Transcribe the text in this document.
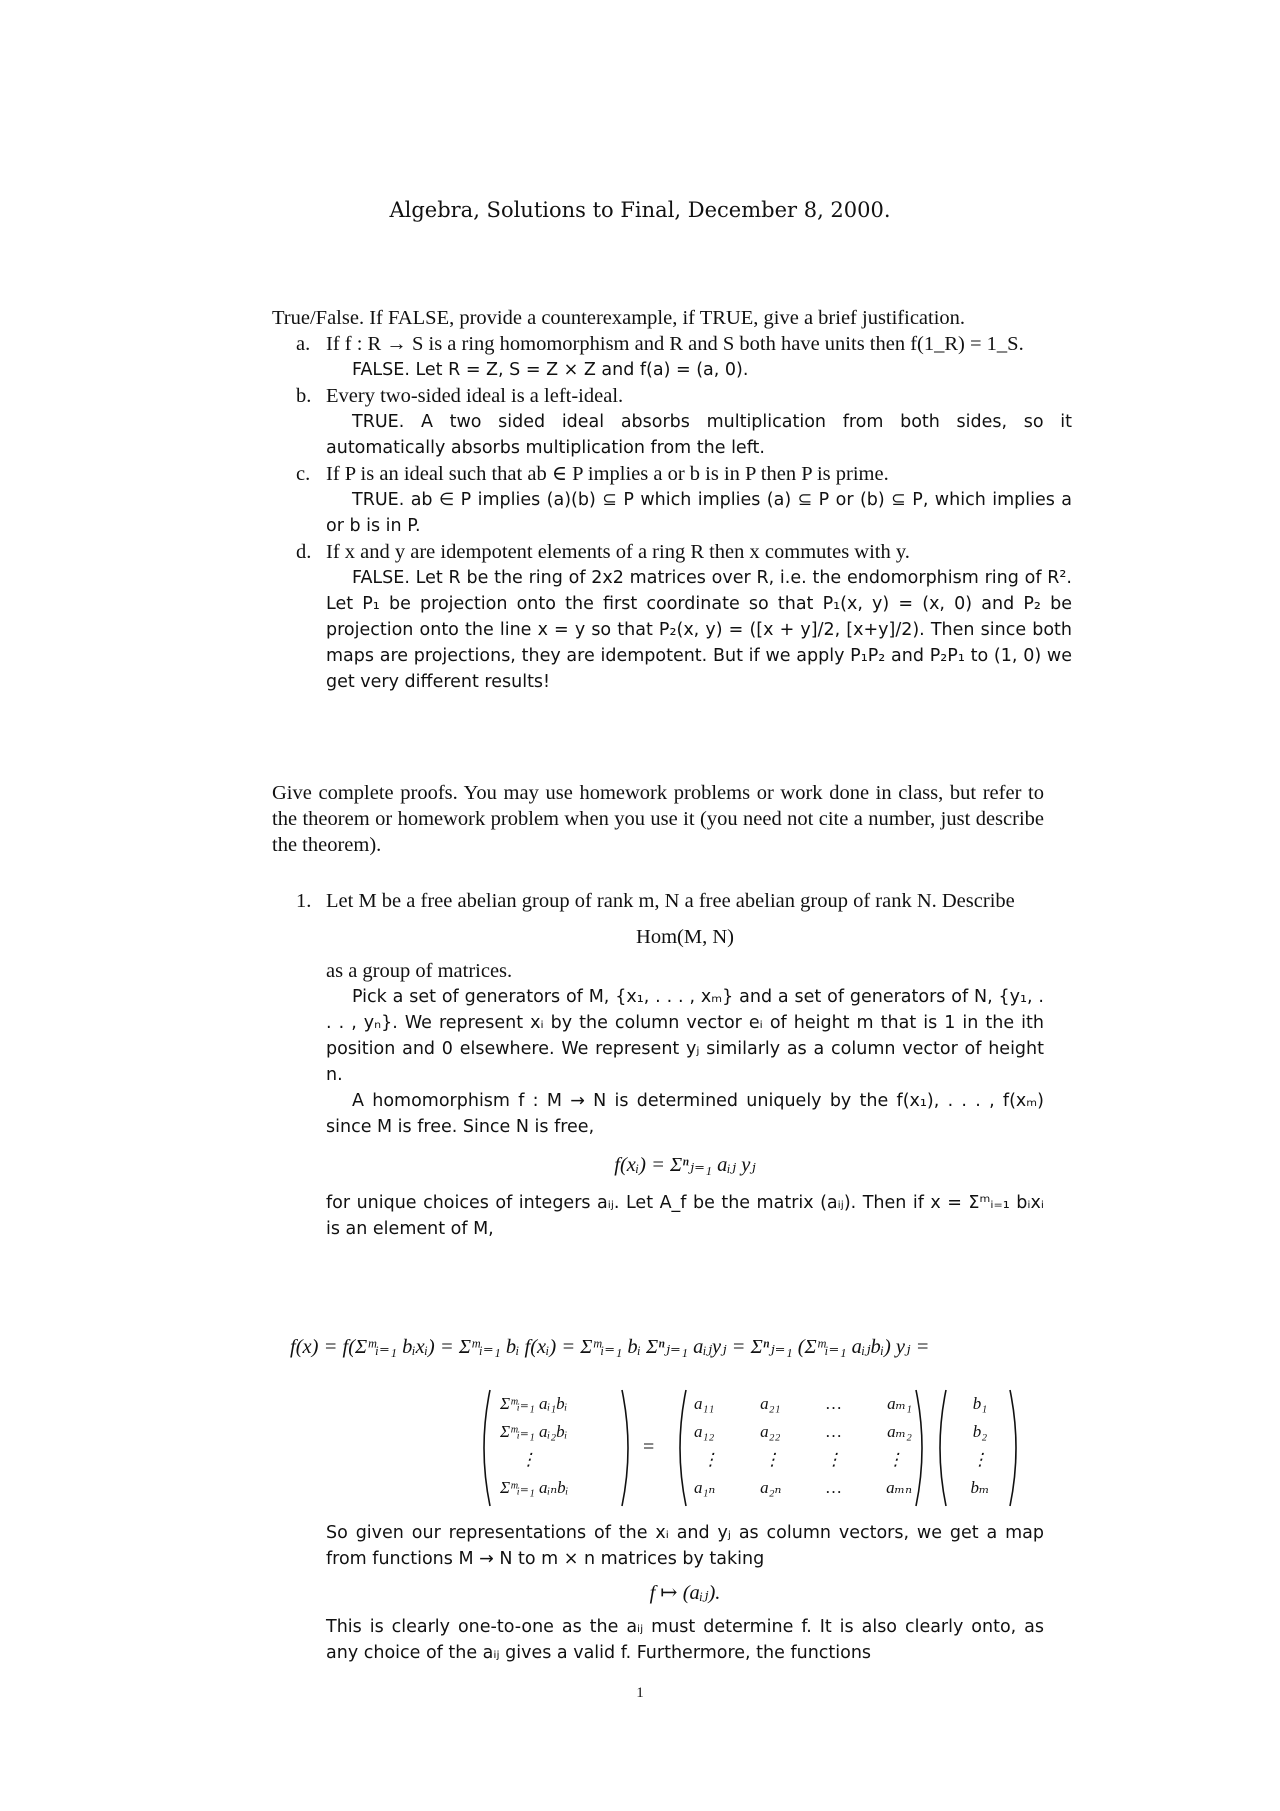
Algebra, Solutions to Final, December 8, 2000.
True/False. If FALSE, provide a counterexample, if TRUE, give a brief justification.
a. If f : R → S is a ring homomorphism and R and S both have units then f(1_R) = 1_S.
FALSE. Let R = Z, S = Z × Z and f(a) = (a, 0).
b. Every two-sided ideal is a left-ideal.
TRUE. A two sided ideal absorbs multiplication from both sides, so it automatically absorbs multiplication from the left.
c. If P is an ideal such that ab ∈ P implies a or b is in P then P is prime.
TRUE. ab ∈ P implies (a)(b) ⊆ P which implies (a) ⊆ P or (b) ⊆ P, which implies a or b is in P.
d. If x and y are idempotent elements of a ring R then x commutes with y.
FALSE. Let R be the ring of 2x2 matrices over R, i.e. the endomorphism ring of R². Let P₁ be projection onto the first coordinate so that P₁(x, y) = (x, 0) and P₂ be projection onto the line x = y so that P₂(x, y) = ([x + y]/2, [x+y]/2). Then since both maps are projections, they are idempotent. But if we apply P₁P₂ and P₂P₁ to (1, 0) we get very different results!
Give complete proofs. You may use homework problems or work done in class, but refer to the theorem or homework problem when you use it (you need not cite a number, just describe the theorem).
1. Let M be a free abelian group of rank m, N a free abelian group of rank N. Describe
Hom(M, N)
as a group of matrices.
Pick a set of generators of M, {x₁, . . . , xₘ} and a set of generators of N, {y₁, . . . , yₙ}. We represent xᵢ by the column vector eᵢ of height m that is 1 in the ith position and 0 elsewhere. We represent yⱼ similarly as a column vector of height n.
A homomorphism f : M → N is determined uniquely by the f(x₁), . . . , f(xₘ) since M is free. Since N is free,
f(xᵢ) = Σⁿⱼ₌₁ aᵢⱼ yⱼ
for unique choices of integers aᵢⱼ. Let A_f be the matrix (aᵢⱼ). Then if x = Σᵐᵢ₌₁ bᵢxᵢ is an element of M,
f(x) = f(Σᵐᵢ₌₁ bᵢxᵢ) = Σᵐᵢ₌₁ bᵢ f(xᵢ) = Σᵐᵢ₌₁ bᵢ Σⁿⱼ₌₁ aᵢⱼyⱼ = Σⁿⱼ₌₁ (Σᵐᵢ₌₁ aᵢⱼbᵢ) yⱼ =
Σᵐᵢ₌₁ aᵢ₁bᵢ
Σᵐᵢ₌₁ aᵢ₂bᵢ
⋮
Σᵐᵢ₌₁ aᵢₙbᵢ
=
a₁₁	a₂₁	…	aₘ₁
a₁₂	a₂₂	…	aₘ₂
⋮	⋮	⋮	⋮
a₁ₙ	a₂ₙ	…	aₘₙ
b₁
b₂
⋮
bₘ
So given our representations of the xᵢ and yⱼ as column vectors, we get a map from functions M → N to m × n matrices by taking
f ↦ (aᵢⱼ).
This is clearly one-to-one as the aᵢⱼ must determine f. It is also clearly onto, as any choice of the aᵢⱼ gives a valid f. Furthermore, the functions
1
